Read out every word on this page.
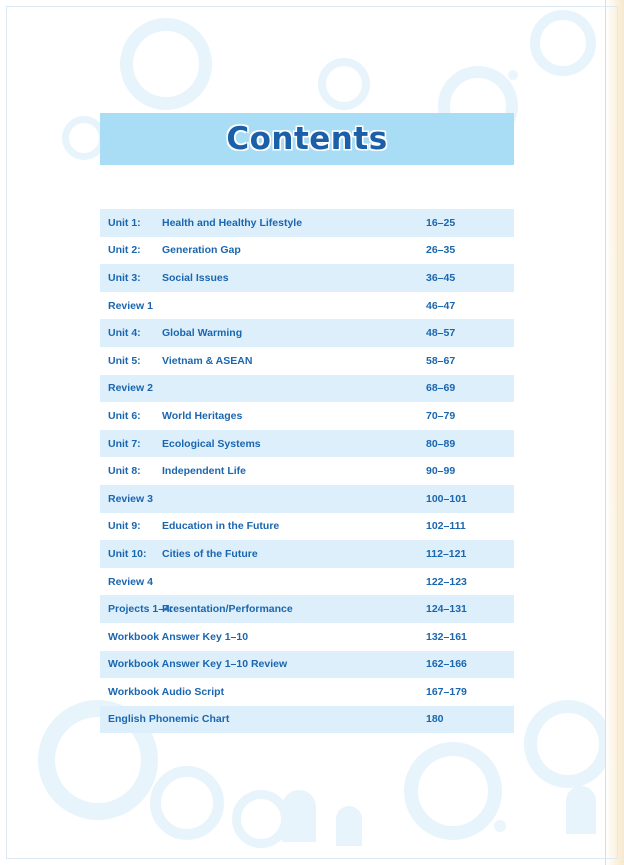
Contents
Unit 1: Health and Healthy Lifestyle	16–25
Unit 2: Generation Gap	26–35
Unit 3: Social Issues	36–45
Review 1	46–47
Unit 4: Global Warming	48–57
Unit 5: Vietnam & ASEAN	58–67
Review 2	68–69
Unit 6: World Heritages	70–79
Unit 7: Ecological Systems	80–89
Unit 8: Independent Life	90–99
Review 3	100–101
Unit 9: Education in the Future	102–111
Unit 10: Cities of the Future	112–121
Review 4	122–123
Projects 1–4:Presentation/Performance	124–131
Workbook Answer Key 1–10	132–161
Workbook Answer Key 1–10 Review	162–166
Workbook Audio Script	167–179
English Phonemic Chart	180
